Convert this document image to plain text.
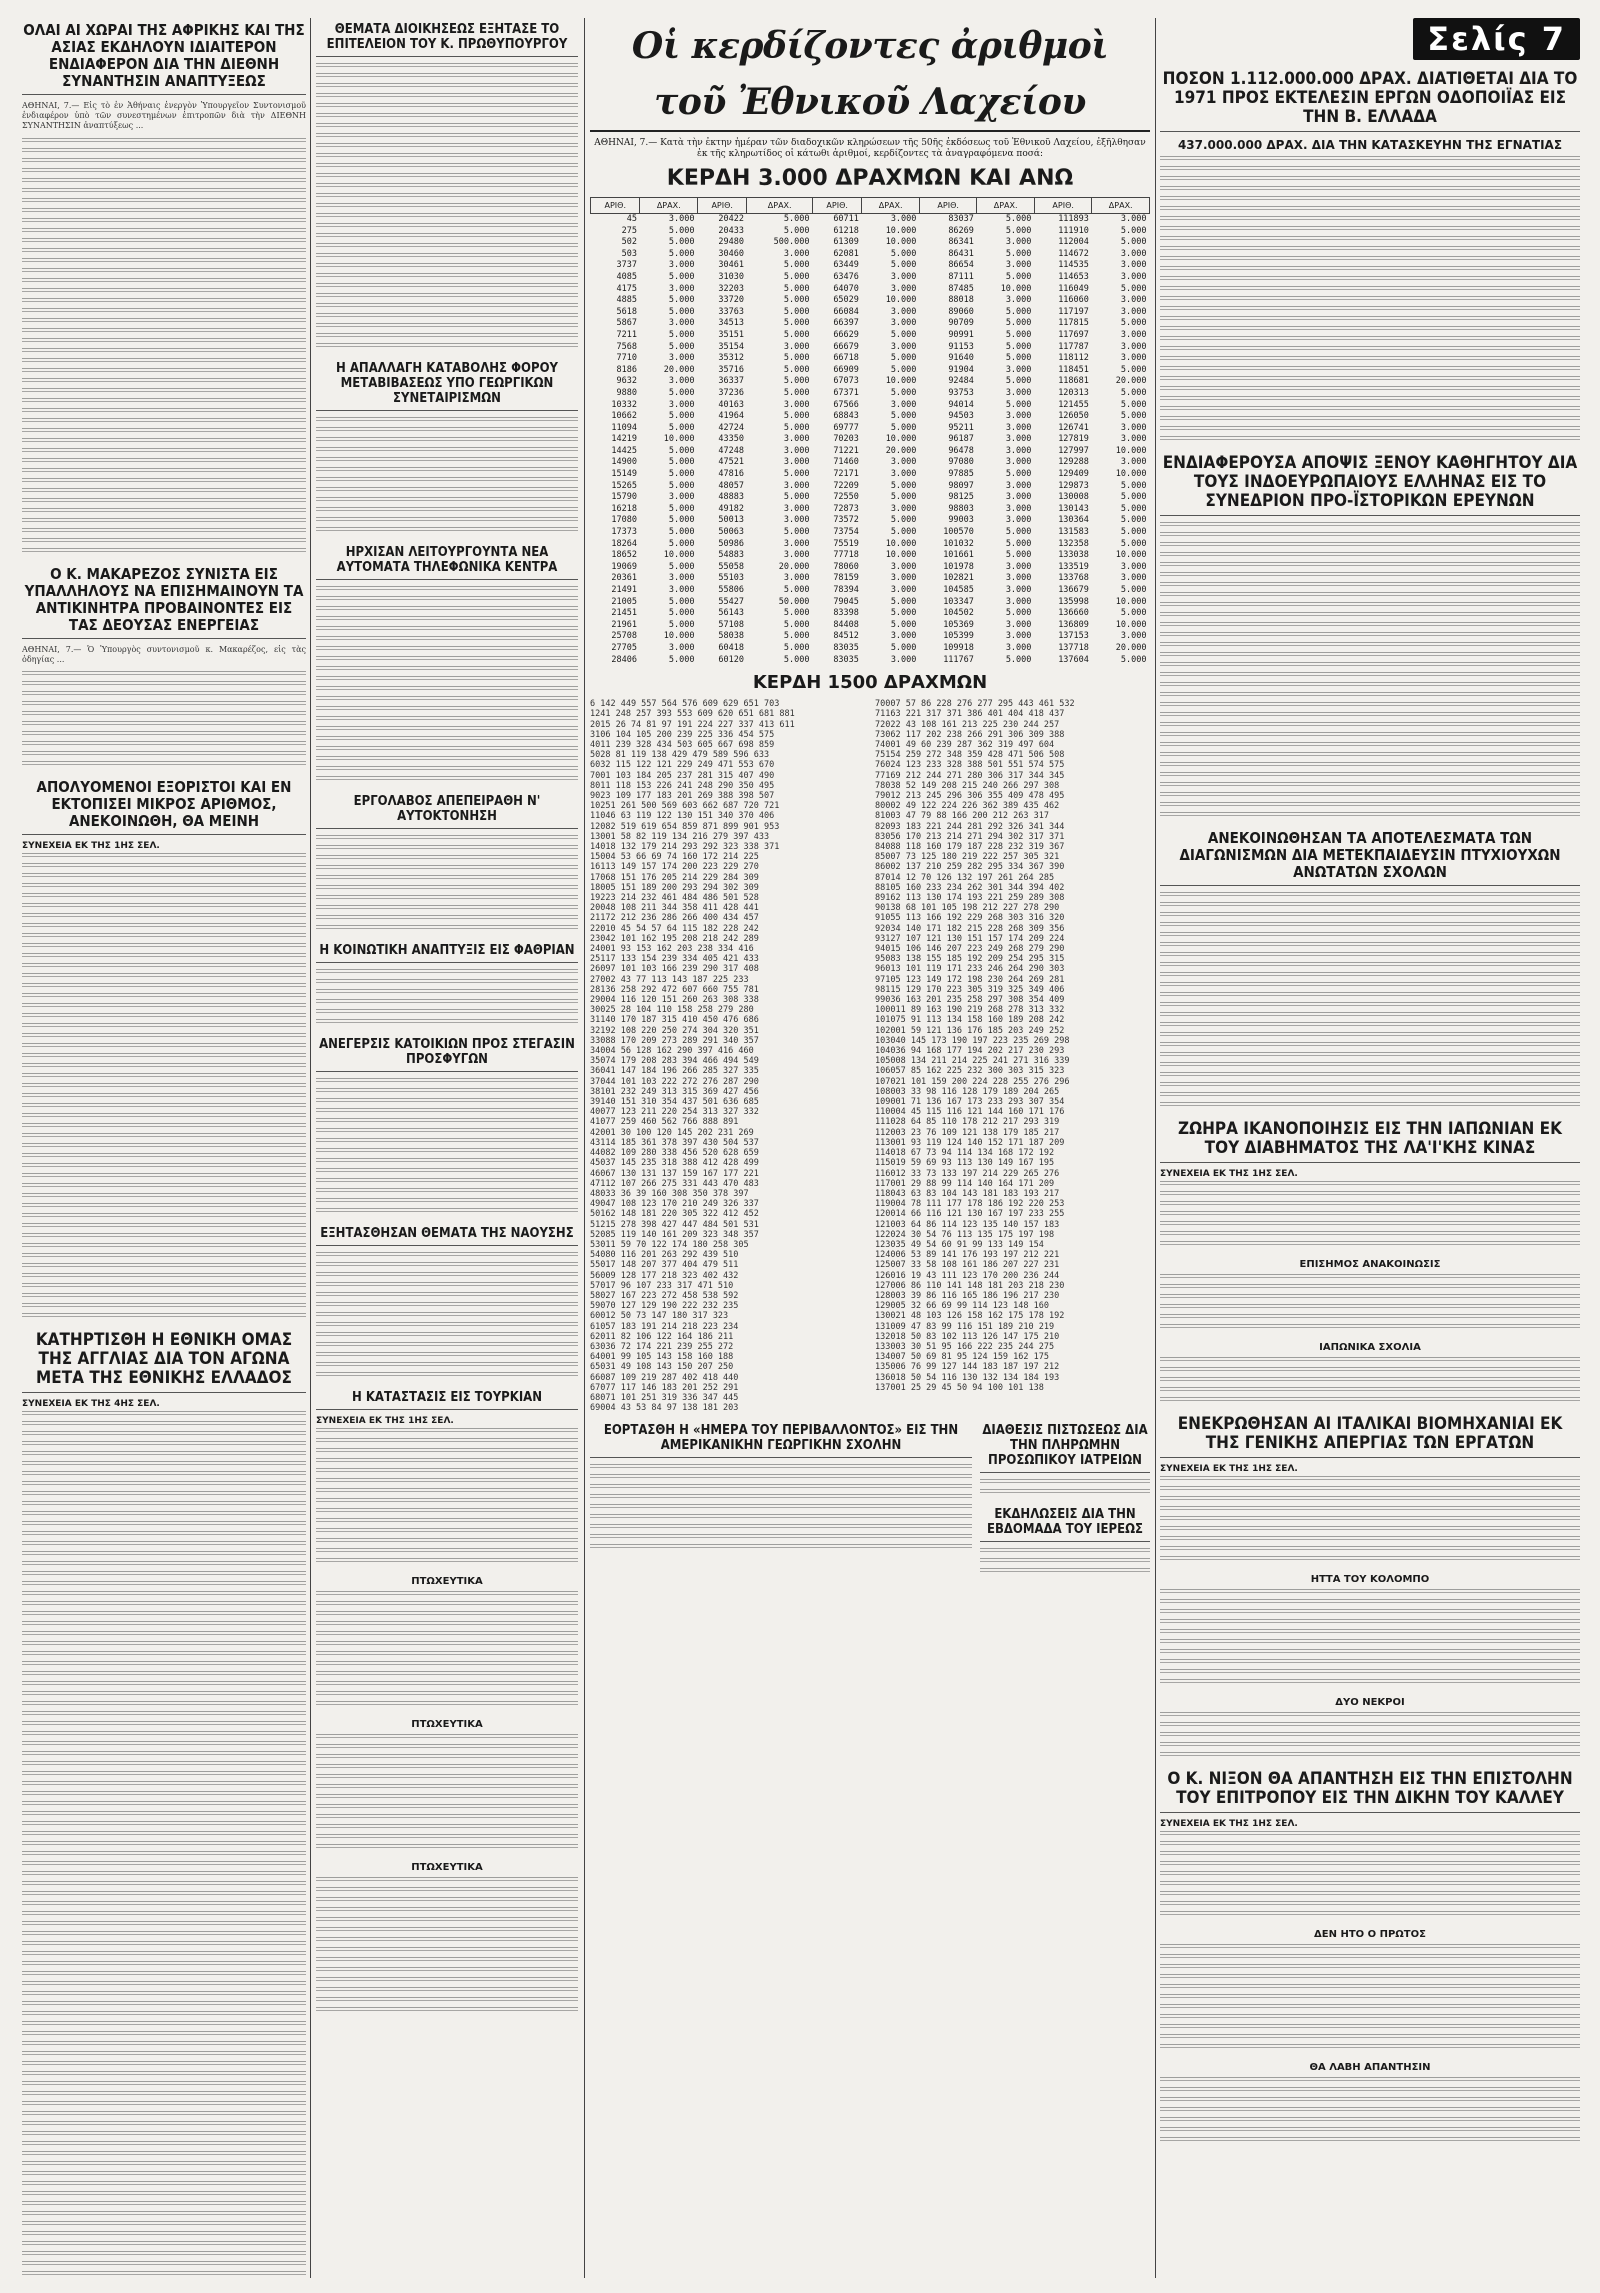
ΟΛΑΙ ΑΙ ΧΩΡΑΙ ΤΗΣ ΑΦΡΙΚΗΣ ΚΑΙ ΤΗΣ ΑΣΙΑΣ ΕΚΔΗΛΟΥΝ ΙΔΙΑΙΤΕΡΟΝ ΕΝΔΙΑΦΕΡΟΝ ΔΙΑ ΤΗΝ ΔΙΕΘΝΗ ΣΥΝΑΝΤΗΣΙΝ ΑΝΑΠΤΥΞΕΩΣ

ΑΘΗΝΑΙ, 7.— Εἰς τὸ ἐν Ἀθήναις ἐνεργὸν Ὑπουργεῖον Συντονισμοῦ ἐνδιαφέρον ὑπὸ τῶν συνεστημένων ἐπιτροπῶν διὰ τὴν ΔΙΕΘΝΗ ΣΥΝΑΝΤΗΣΙΝ ἀναπτύξεως ...

Ο Κ. ΜΑΚΑΡΕΖΟΣ ΣΥΝΙΣΤΑ ΕΙΣ ΥΠΑΛΛΗΛΟΥΣ ΝΑ ΕΠΙΣΗΜΑΙΝΟΥΝ ΤΑ ΑΝΤΙΚΙΝΗΤΡΑ ΠΡΟΒΑΙΝΟΝΤΕΣ ΕΙΣ ΤΑΣ ΔΕΟΥΣΑΣ ΕΝΕΡΓΕΙΑΣ

ΑΘΗΝΑΙ, 7.— Ὁ Ὑπουργὸς συντονισμοῦ κ. Μακαρέζος, εἰς τὰς ὁδηγίας ...

ΑΠΟΛΥΟΜΕΝΟΙ ΕΞΟΡΙΣΤΟΙ ΚΑΙ ΕΝ ΕΚΤΟΠΙΣΕΙ ΜΙΚΡΟΣ ΑΡΙΘΜΟΣ, ΑΝΕΚΟΙΝΩΘΗ, ΘΑ ΜΕΙΝΗ
ΣΥΝΕΧΕΙΑ ΕΚ ΤΗΣ 1ΗΣ ΣΕΛ.
ΚΑΤΗΡΤΙΣΘΗ Η ΕΘΝΙΚΗ ΟΜΑΣ ΤΗΣ ΑΓΓΛΙΑΣ ΔΙΑ ΤΟΝ ΑΓΩΝΑ ΜΕΤΑ ΤΗΣ ΕΘΝΙΚΗΣ ΕΛΛΑΔΟΣ
ΣΥΝΕΧΕΙΑ ΕΚ ΤΗΣ 4ΗΣ ΣΕΛ.
ΘΕΜΑΤΑ ΔΙΟΙΚΗΣΕΩΣ ΕΞΗΤΑΣΕ ΤΟ ΕΠΙΤΕΛΕΙΟΝ ΤΟΥ Κ. ΠΡΩΘΥΠΟΥΡΓΟΥ
Η ΑΠΑΛΛΑΓΗ ΚΑΤΑΒΟΛΗΣ ΦΟΡΟΥ ΜΕΤΑΒΙΒΑΣΕΩΣ ΥΠΟ ΓΕΩΡΓΙΚΩΝ ΣΥΝΕΤΑΙΡΙΣΜΩΝ
ΗΡΧΙΣΑΝ ΛΕΙΤΟΥΡΓΟΥΝΤΑ ΝΕΑ ΑΥΤΟΜΑΤΑ ΤΗΛΕΦΩΝΙΚΑ ΚΕΝΤΡΑ
ΕΡΓΟΛΑΒΟΣ ΑΠΕΠΕΙΡΑΘΗ Ν' ΑΥΤΟΚΤΟΝΗΣΗ
Η ΚΟΙΝΩΤΙΚΗ ΑΝΑΠΤΥΞΙΣ ΕΙΣ ΦΑΘΡΙΑΝ
ΑΝΕΓΕΡΣΙΣ ΚΑΤΟΙΚΙΩΝ ΠΡΟΣ ΣΤΕΓΑΣΙΝ ΠΡΟΣΦΥΓΩΝ
ΕΞΗΤΑΣΘΗΣΑΝ ΘΕΜΑΤΑ ΤΗΣ ΝΑΟΥΣΗΣ
Η ΚΑΤΑΣΤΑΣΙΣ ΕΙΣ ΤΟΥΡΚΙΑΝ
ΣΥΝΕΧΕΙΑ ΕΚ ΤΗΣ 1ΗΣ ΣΕΛ.
ΠΤΩΧΕΥΤΙΚΑ
ΠΤΩΧΕΥΤΙΚΑ
ΠΤΩΧΕΥΤΙΚΑ
Οἱ κερδίζοντες ἀριθμοὶ τοῦ Ἐθνικοῦ Λαχείου
ΑΘΗΝΑΙ, 7.— Κατὰ τὴν ἐκτην ἡμέραν τῶν διαδοχικῶν κληρώσεων τῆς 50ῆς ἐκδόσεως τοῦ Ἐθνικοῦ Λαχείου, ἐξῆλθησαν ἐκ τῆς κληρωτίδος οἱ κάτωθι ἀριθμοί, κερδίζοντες τὰ ἀναγραφόμενα ποσά:
ΚΕΡΔΗ 3.000 ΔΡΑΧΜΩΝ ΚΑΙ ΑΝΩ
ΑΡΙΘ.	ΔΡΑΧ.	ΑΡΙΘ.	ΔΡΑΧ.	ΑΡΙΘ.	ΔΡΑΧ.	ΑΡΙΘ.	ΔΡΑΧ.	ΑΡΙΘ.	ΔΡΑΧ.
45	3.000	20422	5.000	60711	3.000	83037	5.000	111893	3.000
275	5.000	20433	5.000	61218	10.000	86269	5.000	111910	5.000
502	5.000	29480	500.000	61309	10.000	86341	3.000	112004	5.000
503	5.000	30460	3.000	62081	5.000	86431	5.000	114672	3.000
3737	3.000	30461	5.000	63449	5.000	86654	3.000	114535	3.000
4085	5.000	31030	5.000	63476	3.000	87111	5.000	114653	3.000
4175	3.000	32203	5.000	64070	3.000	87485	10.000	116049	5.000
4885	5.000	33720	5.000	65029	10.000	88018	3.000	116060	3.000
5618	5.000	33763	5.000	66084	3.000	89060	5.000	117197	3.000
5867	3.000	34513	5.000	66397	3.000	90709	5.000	117815	5.000
7211	5.000	35151	5.000	66629	5.000	90991	5.000	117697	3.000
7568	5.000	35154	3.000	66679	3.000	91153	5.000	117787	3.000
7710	3.000	35312	5.000	66718	5.000	91640	5.000	118112	3.000
8186	20.000	35716	5.000	66909	5.000	91904	3.000	118451	5.000
9632	3.000	36337	5.000	67073	10.000	92484	5.000	118681	20.000
9880	5.000	37236	5.000	67371	5.000	93753	3.000	120313	5.000
10332	3.000	40163	3.000	67566	3.000	94014	5.000	121455	5.000
10662	5.000	41964	5.000	68843	5.000	94503	3.000	126050	5.000
11094	5.000	42724	5.000	69777	5.000	95211	3.000	126741	3.000
14219	10.000	43350	3.000	70203	10.000	96187	3.000	127819	3.000
14425	5.000	47248	3.000	71221	20.000	96478	3.000	127997	10.000
14900	5.000	47521	3.000	71460	3.000	97080	3.000	129288	3.000
15149	5.000	47816	5.000	72171	3.000	97885	5.000	129409	10.000
15265	5.000	48057	3.000	72209	5.000	98097	3.000	129873	5.000
15790	3.000	48883	5.000	72550	5.000	98125	3.000	130008	5.000
16218	5.000	49182	3.000	72873	3.000	98803	3.000	130143	5.000
17080	5.000	50013	3.000	73572	5.000	99003	3.000	130364	5.000
17373	5.000	50063	5.000	73754	5.000	100570	5.000	131583	5.000
18264	5.000	50986	3.000	75519	10.000	101032	5.000	132358	5.000
18652	10.000	54883	3.000	77718	10.000	101661	5.000	133038	10.000
19069	5.000	55058	20.000	78060	3.000	101978	3.000	133519	3.000
20361	3.000	55103	3.000	78159	3.000	102821	3.000	133768	3.000
21491	3.000	55806	5.000	78394	3.000	104585	3.000	136679	5.000
21005	5.000	55427	50.000	79045	5.000	103347	3.000	135998	10.000
21451	5.000	56143	5.000	83398	5.000	104502	5.000	136660	5.000
21961	5.000	57108	5.000	84408	5.000	105369	3.000	136809	10.000
25708	10.000	58038	5.000	84512	3.000	105399	3.000	137153	3.000
27705	3.000	60418	5.000	83035	5.000	109918	3.000	137718	20.000
28406	5.000	60120	5.000	83035	3.000	111767	5.000	137604	5.000
ΚΕΡΔΗ 1500 ΔΡΑΧΜΩΝ
6 142 449 557 564 576 609 629 651 703
1241 248 257 393 553 609 620 651 681 881
2015 26 74 81 97 191 224 227 337 413 611
3106 104 105 200 239 225 336 454 575
4011 239 328 434 503 605 667 698 859
5028 81 119 138 429 479 589 596 633
6032 115 122 121 229 249 471 553 670
7001 103 184 205 237 281 315 407 490
8011 118 153 226 241 248 290 350 495
9023 109 177 183 201 269 388 398 507
10251 261 500 569 603 662 687 720 721
11046 63 119 122 130 151 340 370 406
12082 519 619 654 859 871 899 901 953
13001 58 82 119 134 216 279 397 433
14018 132 179 214 293 292 323 338 371
15004 53 66 69 74 160 172 214 225
16113 149 157 174 200 223 229 270
17068 151 176 205 214 229 284 309
18005 151 189 200 293 294 302 309
19223 214 232 461 484 486 501 528
20048 108 211 344 358 411 428 441
21172 212 236 286 266 400 434 457
22010 45 54 57 64 115 182 228 242
23042 101 162 195 208 218 242 289
24001 93 153 162 203 238 334 416
25117 133 154 239 334 405 421 433
26097 101 103 166 239 290 317 408
27002 43 77 113 143 187 225 233
28136 258 292 472 607 660 755 781
29004 116 120 151 260 263 308 338
30025 28 104 110 158 258 279 280
31140 170 187 315 410 450 476 686
32192 108 220 250 274 304 320 351
33088 170 209 273 289 291 340 357
34004 56 128 162 290 397 416 460
35074 179 208 283 394 466 494 549
36041 147 184 196 266 285 327 335
37044 101 103 222 272 276 287 290
38101 232 249 313 315 369 427 456
39140 151 310 354 437 501 636 685
40077 123 211 220 254 313 327 332
41077 259 460 562 766 888 891
42001 30 100 120 145 202 231 269
43114 185 361 378 397 430 504 537
44082 109 280 338 456 520 628 659
45037 145 235 318 388 412 428 499
46067 130 131 137 159 167 177 221
47112 107 266 275 331 443 470 483
48033 36 39 160 308 350 378 397
49047 108 123 170 210 249 326 337
50162 148 181 220 305 322 412 452
51215 278 398 427 447 484 501 531
52085 119 140 161 209 323 348 357
53011 59 70 122 174 180 258 305
54080 116 201 263 292 439 510
55017 148 207 377 404 479 511
56009 128 177 218 323 402 432
57017 96 107 233 317 471 510
58027 167 223 272 458 538 592
59070 127 129 190 222 232 235
60012 50 73 147 180 317 323
61057 183 191 214 218 223 234
62011 82 106 122 164 186 211
63036 72 174 221 239 255 272
64001 99 105 143 158 160 188
65031 49 108 143 150 207 250
66087 109 219 287 402 418 440
67077 117 146 183 201 252 291
68071 101 251 319 336 347 445
69004 43 53 84 97 138 181 203
70007 57 86 228 276 277 295 443 461 532
71163 221 317 371 386 401 404 418 437
72022 43 108 161 213 225 230 244 257
73062 117 202 238 266 291 306 309 388
74001 49 60 239 287 362 319 497 604
75154 259 272 348 359 428 471 506 508
76024 123 233 328 388 501 551 574 575
77169 212 244 271 280 306 317 344 345
78038 52 149 208 215 240 266 297 308
79012 213 245 296 306 355 409 478 495
80002 49 122 224 226 362 389 435 462
81003 47 79 88 166 200 212 263 317
82093 183 221 244 281 292 326 341 344
83056 170 213 214 271 294 302 317 371
84088 118 160 179 187 228 232 319 367
85007 73 125 180 219 222 257 305 321
86002 137 210 259 282 295 334 367 390
87014 12 70 126 132 197 261 264 285
88105 160 233 234 262 301 344 394 402
89162 113 130 174 193 221 259 289 308
90138 68 101 105 198 212 227 278 290
91055 113 166 192 229 268 303 316 320
92034 140 171 182 215 228 268 309 356
93127 107 121 130 151 157 174 209 224
94015 106 146 207 223 249 268 279 290
95083 138 155 185 192 209 254 295 315
96013 101 119 171 233 246 264 290 303
97105 123 149 172 198 230 264 269 281
98115 129 170 223 305 319 325 349 406
99036 163 201 235 258 297 308 354 409
100011 89 163 190 219 268 278 313 332
101075 91 113 134 158 160 189 208 242
102001 59 121 136 176 185 203 249 252
103040 145 173 190 197 223 235 269 298
104036 94 168 177 194 202 217 230 293
105008 134 211 214 225 241 271 316 339
106057 85 162 225 232 300 303 315 323
107021 101 159 200 224 228 255 276 296
108003 33 98 116 128 179 189 204 265
109001 71 136 167 173 233 293 307 354
110004 45 115 116 121 144 160 171 176
111028 64 85 110 178 212 217 293 319
112003 23 76 109 121 138 179 185 217
113001 93 119 124 140 152 171 187 209
114018 67 73 94 114 134 168 172 192
115019 59 69 93 113 130 149 167 195
116012 33 73 133 197 214 229 265 276
117001 29 88 99 114 140 164 171 209
118043 63 83 104 143 181 183 193 217
119004 78 111 177 178 186 192 220 253
120014 66 116 121 130 167 197 233 255
121003 64 86 114 123 135 140 157 183
122024 30 54 76 113 135 175 197 198
123035 49 54 60 91 99 133 149 154
124006 53 89 141 176 193 197 212 221
125007 33 58 108 161 186 207 227 231
126016 19 43 111 123 170 200 236 244
127006 86 110 141 148 181 203 218 230
128003 39 86 116 165 186 196 217 230
129005 32 66 69 99 114 123 148 160
130021 48 103 126 158 162 175 178 192
131009 47 83 99 116 151 189 210 219
132018 50 83 102 113 126 147 175 210
133003 30 51 95 166 222 235 244 275
134007 50 69 81 95 124 159 162 175
135006 76 99 127 144 183 187 197 212
136018 50 54 116 130 132 134 184 193
137001 25 29 45 50 94 100 101 138
ΕΟΡΤΑΣΘΗ Η «ΗΜΕΡΑ ΤΟΥ ΠΕΡΙΒΑΛΛΟΝΤΟΣ» ΕΙΣ ΤΗΝ ΑΜΕΡΙΚΑΝΙΚΗΝ ΓΕΩΡΓΙΚΗΝ ΣΧΟΛΗΝ
ΔΙΑΘΕΣΙΣ ΠΙΣΤΩΣΕΩΣ ΔΙΑ ΤΗΝ ΠΛΗΡΩΜΗΝ ΠΡΟΣΩΠΙΚΟΥ ΙΑΤΡΕΙΩΝ
ΕΚΔΗΛΩΣΕΙΣ ΔΙΑ ΤΗΝ ΕΒΔΟΜΑΔΑ ΤΟΥ ΙΕΡΕΩΣ
Σελίς 7
ΠΟΣΟΝ 1.112.000.000 ΔΡΑΧ. ΔΙΑΤΙΘΕΤΑΙ ΔΙΑ ΤΟ 1971 ΠΡΟΣ ΕΚΤΕΛΕΣΙΝ ΕΡΓΩΝ ΟΔΟΠΟΙΪΑΣ ΕΙΣ ΤΗΝ Β. ΕΛΛΑΔΑ
437.000.000 ΔΡΑΧ. ΔΙΑ ΤΗΝ ΚΑΤΑΣΚΕΥΗΝ ΤΗΣ ΕΓΝΑΤΙΑΣ
ΕΝΔΙΑΦΕΡΟΥΣΑ ΑΠΟΨΙΣ ΞΕΝΟΥ ΚΑΘΗΓΗΤΟΥ ΔΙΑ ΤΟΥΣ ΙΝΔΟΕΥΡΩΠΑΙΟΥΣ ΕΛΛΗΝΑΣ ΕΙΣ ΤΟ ΣΥΝΕΔΡΙΟΝ ΠΡΟ-ΪΣΤΟΡΙΚΩΝ ΕΡΕΥΝΩΝ
ΑΝΕΚΟΙΝΩΘΗΣΑΝ ΤΑ ΑΠΟΤΕΛΕΣΜΑΤΑ ΤΩΝ ΔΙΑΓΩΝΙΣΜΩΝ ΔΙΑ ΜΕΤΕΚΠΑΙΔΕΥΣΙΝ ΠΤΥΧΙΟΥΧΩΝ ΑΝΩΤΑΤΩΝ ΣΧΟΛΩΝ
ΖΩΗΡΑ ΙΚΑΝΟΠΟΙΗΣΙΣ ΕΙΣ ΤΗΝ ΙΑΠΩΝΙΑΝ ΕΚ ΤΟΥ ΔΙΑΒΗΜΑΤΟΣ ΤΗΣ ΛΑ'Ι'ΚΗΣ ΚΙΝΑΣ
ΣΥΝΕΧΕΙΑ ΕΚ ΤΗΣ 1ΗΣ ΣΕΛ.
ΕΠΙΣΗΜΟΣ ΑΝΑΚΟΙΝΩΣΙΣ
ΙΑΠΩΝΙΚΑ ΣΧΟΛΙΑ
ΕΝΕΚΡΩΘΗΣΑΝ ΑΙ ΙΤΑΛΙΚΑΙ ΒΙΟΜΗΧΑΝΙΑΙ ΕΚ ΤΗΣ ΓΕΝΙΚΗΣ ΑΠΕΡΓΙΑΣ ΤΩΝ ΕΡΓΑΤΩΝ
ΣΥΝΕΧΕΙΑ ΕΚ ΤΗΣ 1ΗΣ ΣΕΛ.
ΗΤΤΑ ΤΟΥ ΚΟΛΟΜΠΟ
ΔΥΟ ΝΕΚΡΟΙ
Ο Κ. ΝΙΞΟΝ ΘΑ ΑΠΑΝΤΗΣΗ ΕΙΣ ΤΗΝ ΕΠΙΣΤΟΛΗΝ ΤΟΥ ΕΠΙΤΡΟΠΟΥ ΕΙΣ ΤΗΝ ΔΙΚΗΝ ΤΟΥ ΚΑΛΛΕΥ
ΣΥΝΕΧΕΙΑ ΕΚ ΤΗΣ 1ΗΣ ΣΕΛ.
ΔΕΝ ΗΤΟ Ο ΠΡΩΤΟΣ
ΘΑ ΛΑΒΗ ΑΠΑΝΤΗΣΙΝ
